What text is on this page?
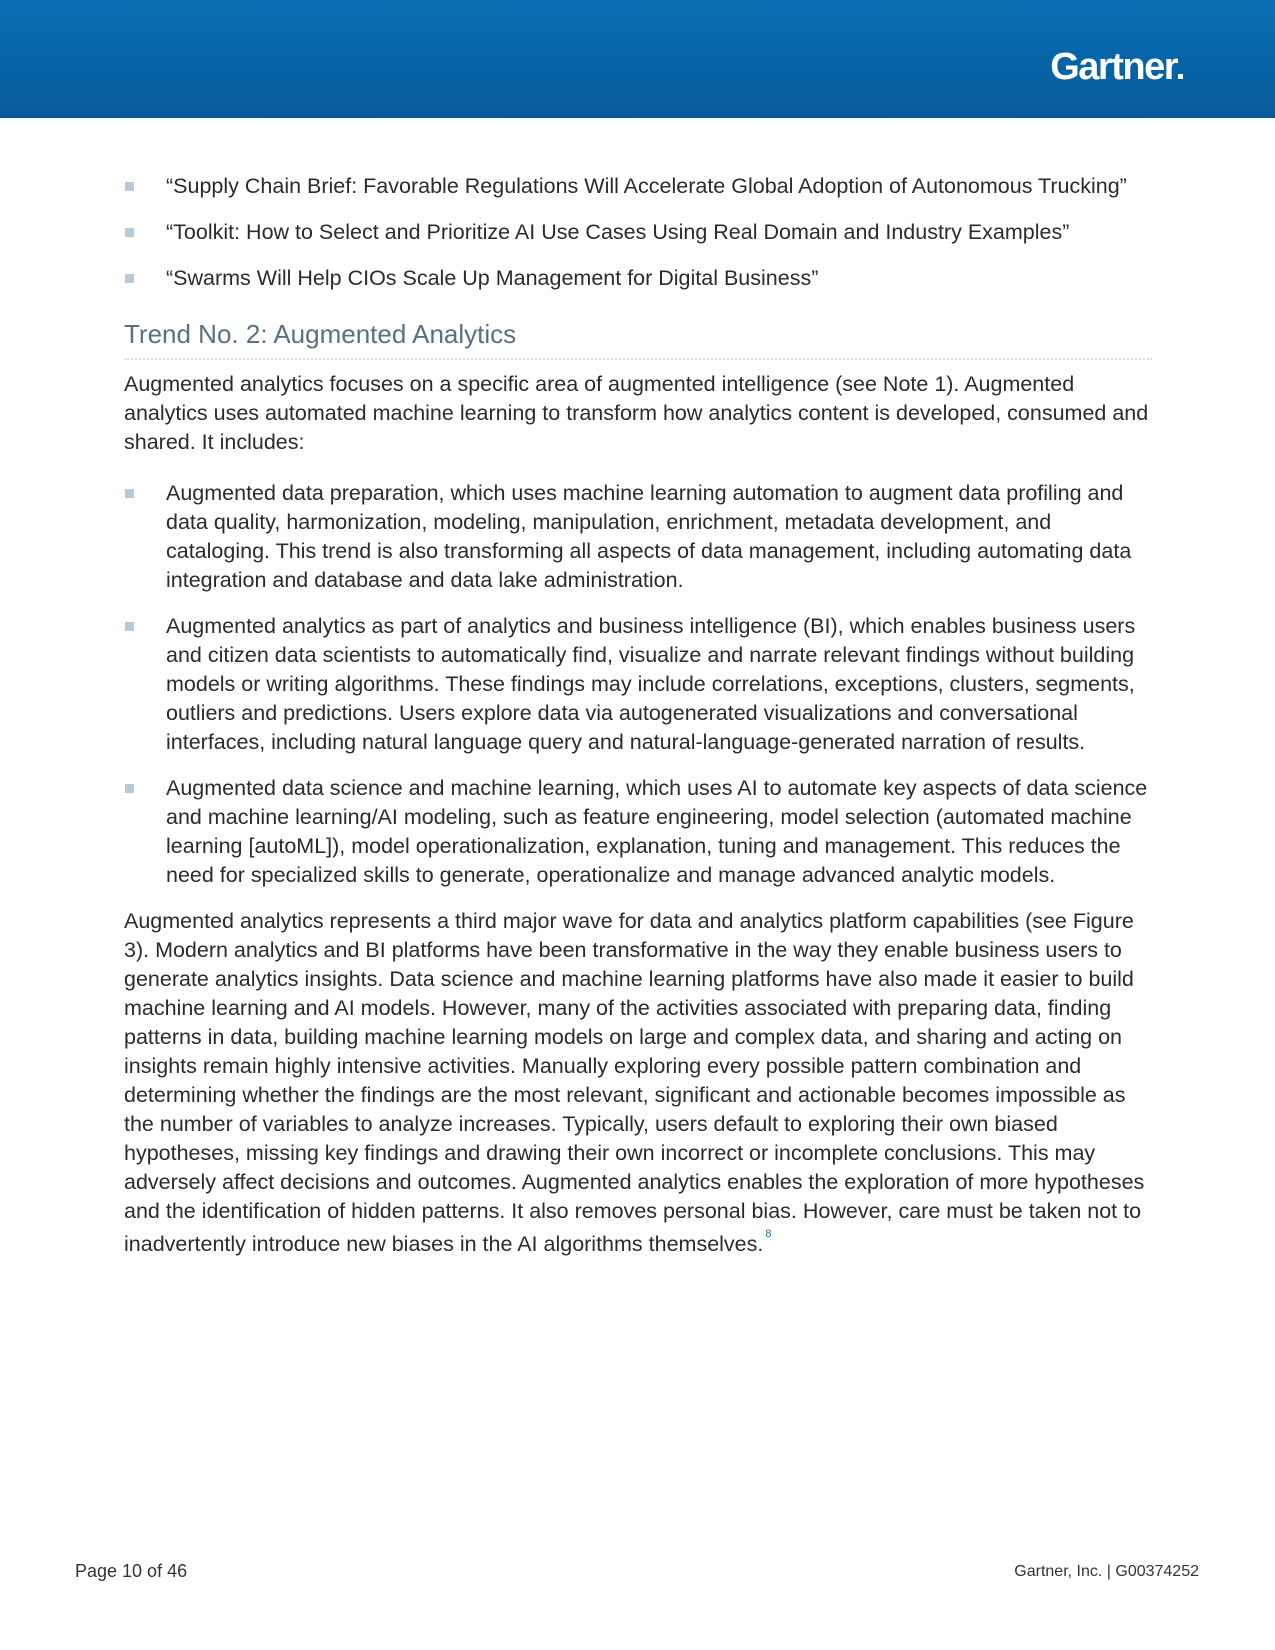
Gartner
“Supply Chain Brief: Favorable Regulations Will Accelerate Global Adoption of Autonomous Trucking”
“Toolkit: How to Select and Prioritize AI Use Cases Using Real Domain and Industry Examples”
“Swarms Will Help CIOs Scale Up Management for Digital Business”
Trend No. 2: Augmented Analytics

Augmented analytics focuses on a specific area of augmented intelligence (see Note 1). Augmented analytics uses automated machine learning to transform how analytics content is developed, consumed and shared. It includes:

Augmented data preparation, which uses machine learning automation to augment data profiling and data quality, harmonization, modeling, manipulation, enrichment, metadata development, and cataloging. This trend is also transforming all aspects of data management, including automating data integration and database and data lake administration.
Augmented analytics as part of analytics and business intelligence (BI), which enables business users and citizen data scientists to automatically find, visualize and narrate relevant findings without building models or writing algorithms. These findings may include correlations, exceptions, clusters, segments, outliers and predictions. Users explore data via autogenerated visualizations and conversational interfaces, including natural language query and natural-language-generated narration of results.
Augmented data science and machine learning, which uses AI to automate key aspects of data science and machine learning/AI modeling, such as feature engineering, model selection (automated machine learning [autoML]), model operationalization, explanation, tuning and management. This reduces the need for specialized skills to generate, operationalize and manage advanced analytic models.

Augmented analytics represents a third major wave for data and analytics platform capabilities (see Figure 3). Modern analytics and BI platforms have been transformative in the way they enable business users to generate analytics insights. Data science and machine learning platforms have also made it easier to build machine learning and AI models. However, many of the activities associated with preparing data, finding patterns in data, building machine learning models on large and complex data, and sharing and acting on insights remain highly intensive activities. Manually exploring every possible pattern combination and determining whether the findings are the most relevant, significant and actionable becomes impossible as the number of variables to analyze increases. Typically, users default to exploring their own biased hypotheses, missing key findings and drawing their own incorrect or incomplete conclusions. This may adversely affect decisions and outcomes. Augmented analytics enables the exploration of more hypotheses and the identification of hidden patterns. It also removes personal bias. However, care must be taken not to inadvertently introduce new biases in the AI algorithms themselves. $^8$

Page 10 of 46	Gartner, Inc. | G00374252
